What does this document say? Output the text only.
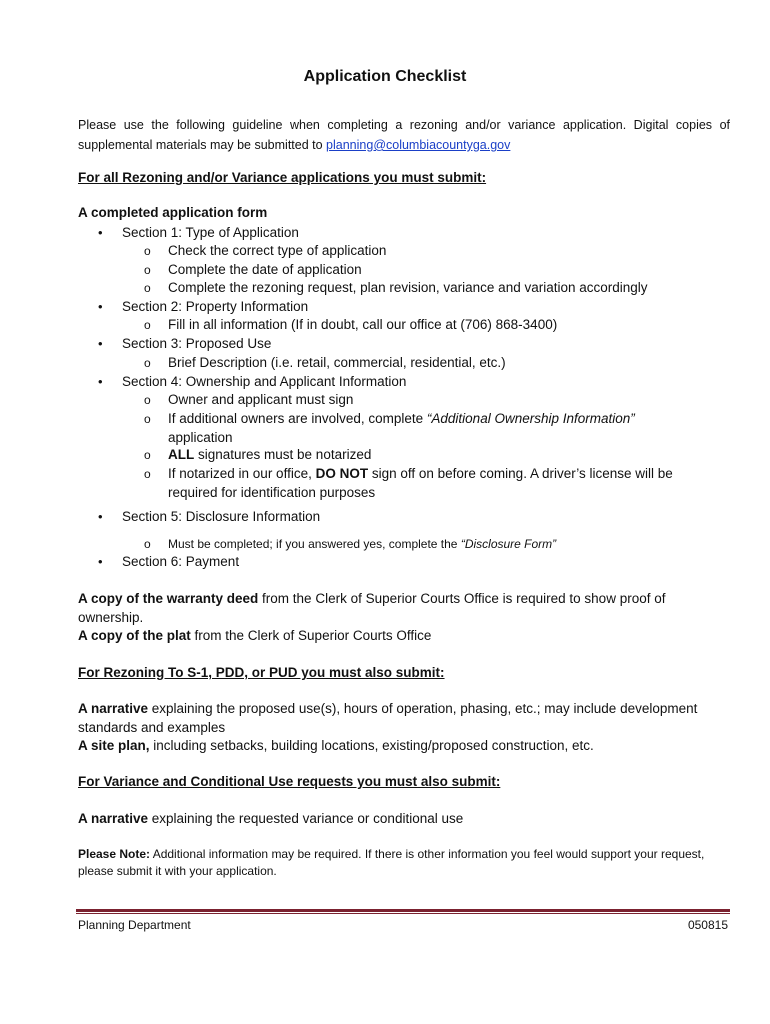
Application Checklist
Please use the following guideline when completing a rezoning and/or variance application. Digital copies of supplemental materials may be submitted to planning@columbiacountyga.gov
For all Rezoning and/or Variance applications you must submit:
A completed application form
• Section 1: Type of Application
o Check the correct type of application
o Complete the date of application
o Complete the rezoning request, plan revision, variance and variation accordingly
• Section 2: Property Information
o Fill in all information (If in doubt, call our office at (706) 868-3400)
• Section 3: Proposed Use
o Brief Description (i.e. retail, commercial, residential, etc.)
• Section 4: Ownership and Applicant Information
o Owner and applicant must sign
o If additional owners are involved, complete “Additional Ownership Information”
application
o ALL signatures must be notarized
o If notarized in our office, DO NOT sign off on before coming. A driver’s license will be required for identification purposes
• Section 5: Disclosure Information
o Must be completed; if you answered yes, complete the “Disclosure Form”
• Section 6: Payment
A copy of the warranty deed from the Clerk of Superior Courts Office is required to show proof of ownership.
A copy of the plat from the Clerk of Superior Courts Office
For Rezoning To S-1, PDD, or PUD you must also submit:
A narrative explaining the proposed use(s), hours of operation, phasing, etc.; may include development standards and examples
A site plan, including setbacks, building locations, existing/proposed construction, etc.
For Variance and Conditional Use requests you must also submit:
A narrative explaining the requested variance or conditional use
Please Note: Additional information may be required. If there is other information you feel would support your request, please submit it with your application.
Planning Department	050815
